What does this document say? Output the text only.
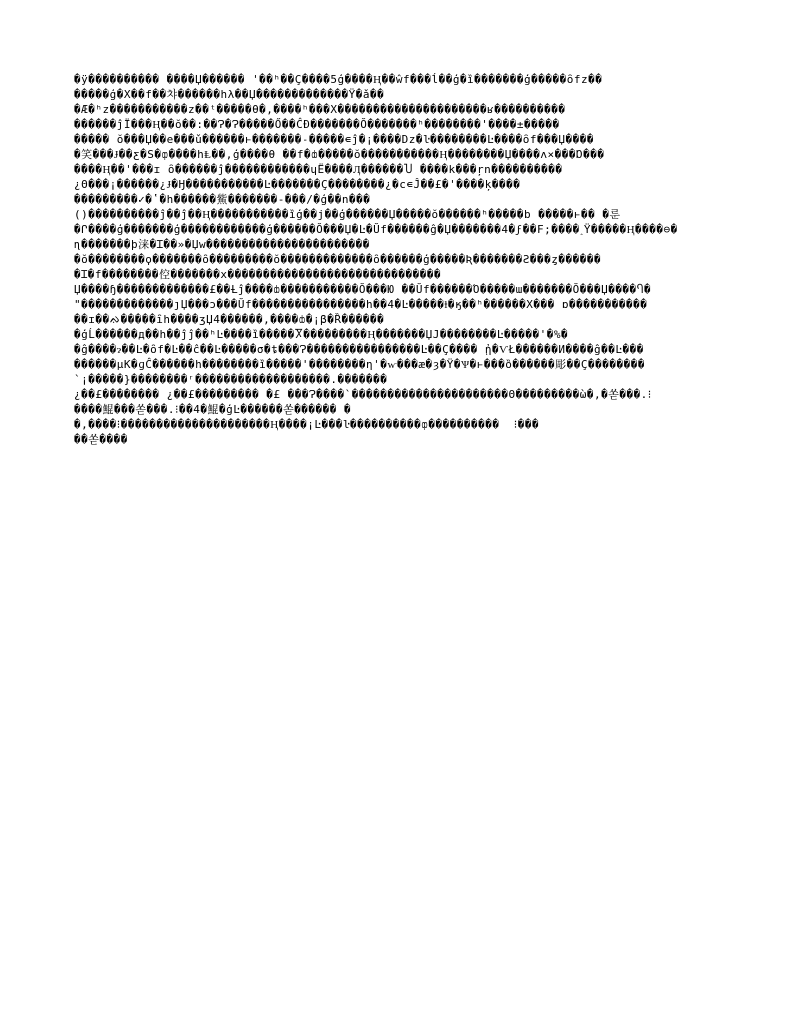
�ÿ���������� ����Џ������ '��ʰ��Ç����5ģ����Ⱨ��ŵf���ĺ��ģ�ȉ�������ģ�����ȏfz��
�����ģ�Χ��f��챠������hλ��Џ�������������Ÿ�ǎ��
�Æ�ʰz�����������z��ᵗ�����θ�,����ʰ���Χ���������������������ʁ����������
������ĵЇ���Ⱨ��ŏ��:��Ɂ�Ɂ�����Ő��ĈƉ�������Ŏ�������ʰ��������'����±�����
����� ŏ���Џ��e���ǔ������ⱶ�������˗�����∊ĵ�¡����Dz�ŀ��������Ŀ����ȏf���Џ����
�笑���Ɉ��ƹ�Ѕ�ȹ����hⱠ��,ģ����θ ��f�ȸ�����ŏ�����������Ⱨ��������Џ����ʌ×���Ɒ���
����Ⱨ��'���ɪ ȏ������ĵ������������ɥЁ����Ӆ������Ⴎ ����k���ŗn����������
¿Θ���¡������¿Ɉ�Ӈ�����������Ŀ�������Ç��������¿�ϲ∊Ĵ��£�'����ķ����
���������✓�ʽ�h������鮆�������-���/�ģ��n���
()����������ĵ��ĵ��Ⱨ�����������ȉģ��ϳ��ģ������Џ�����ŏ������ʰ�����b �����ⱶ�� �룬
�Ր����ģ�������ģ������������ģ������Ŏ���Џ�Ŀ�Ŭf������ĝ�Џ�������4�ϝ��Ϝ;����˰Ÿ�����Ⱨ����⊖�
ɳ�������ϸ涞�Ɪ��»�Џw�����������������������
�ŏ��������ϙ�������ȏ���������ŏ�������������ȏ������ģ�����Ʀ�������Ƨ���ȥ������
�Ɪ�f��������倥�������x������������������������������
Џ����ɧ�������������£��Ƚĵ����ȸ�����������Ŏ���Ю ��Ŭf������Ό�����ɯ�������Ŏ���Џ����Ⴄ�
"�������������ȷЏ���ɔ���Ŭf����������������h��4�Ŀ�����ⱡ�ӄ��ʰ������Χ��� ɒ�����������
��ɪ��ᨁ�����ȋh����ӡЏ4������,����ȸ�¡β�Ȑ������
�ģĹ������д��h��ĵĵ��ʰĿ����ȉ�����Ⴟ���������Ⱨ�������ЏЈ��������Ŀ�����'�%�
�ĝ����ɂ��Ŀ�ȏf�Ŀ��ĉ��Ŀ�����σ�ȶ���Ɂ����������������Ŀ��Ç���� ᾐ�ѴŁ������И����ĝ��Ŀ���
������μΚ�ɡĈ������h��������ȉ�����'��������η'�ⱳ���æ�ȝ�Ÿ�Ѱ�ⱶ���ȍ������彫��Ç��������
`¡�����}��������ʳ�������������������.�������
¿��£�������� ¿��£��������� �£ ���Ɂ����`����������������������Θ���������ὼ�,�쏟���.⁝
����鯤���쏟���.⁝��4�鯤�ģĿ������쏟������ �
�,����⁝���������������������Ⱨ����¡Ŀ���ŀ����������ȹ����������  ⁝���
��쏟����
